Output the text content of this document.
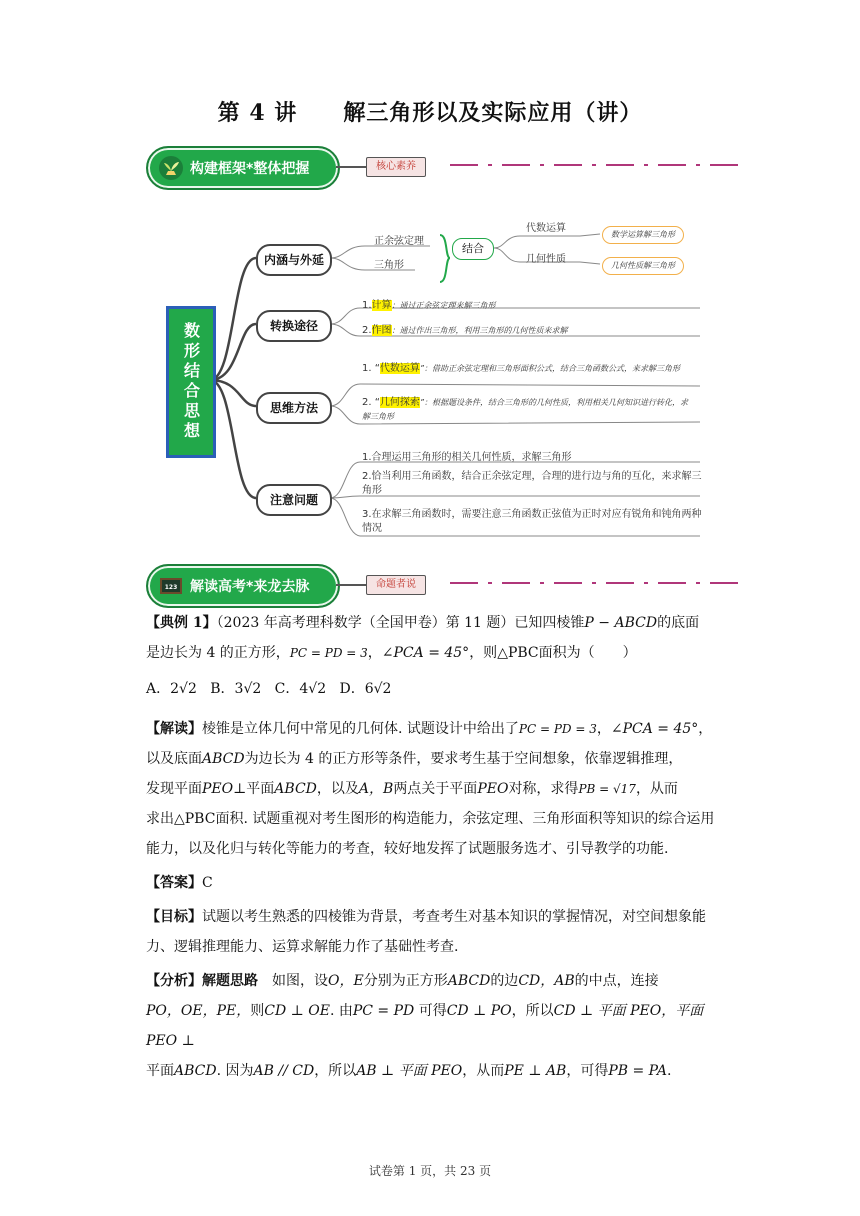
第 4 讲 解三角形以及实际应用（讲）
构建框架*整体把握	核心素养
数形结合思想
内涵与外延
正余弦定理
三角形
结合
代数运算
几何性质
数学运算解三角形
几何性质解三角形
转换途径
1.计算：通过正余弦定理来解三角形
2.作图：通过作出三角形，利用三角形的几何性质来求解
思维方法
1. “代数运算”：借助正余弦定理和三角形面积公式，结合三角函数公式，来求解三角形
2. “几何探索”：根据题设条件，结合三角形的几何性质，利用相关几何知识进行转化，求解三角形
注意问题
1.合理运用三角形的相关几何性质，求解三角形
2.恰当利用三角函数，结合正余弦定理，合理的进行边与角的互化，来求解三角形
3.在求解三角函数时，需要注意三角函数正弦值为正时对应有锐角和钝角两种情况
123 解读高考*来龙去脉	命题者说

【典例 1】（2023 年高考理科数学（全国甲卷）第 11 题）已知四棱锥P − ABCD的底面
是边长为 4 的正方形，PC = PD = 3，∠PCA = 45°，则△PBC面积为（　　）

A．2√2 B．3√2 C．4√2 D．6√2

【解读】棱锥是立体几何中常见的几何体. 试题设计中给出了PC = PD = 3，∠PCA = 45°，
以及底面ABCD为边长为 4 的正方形等条件，要求考生基于空间想象，依靠逻辑推理，
发现平面PEO⊥平面ABCD，以及A，B两点关于平面PEO对称，求得PB = √17，从而
求出△PBC面积. 试题重视对考生图形的构造能力，余弦定理、三角形面积等知识的综合运用能力，以及化归与转化等能力的考查，较好地发挥了试题服务选才、引导教学的功能.

【答案】C

【目标】试题以考生熟悉的四棱锥为背景，考查考生对基本知识的掌握情况，对空间想象能力、逻辑推理能力、运算求解能力作了基础性考查.

【分析】解题思路　如图，设O，E分别为正方形ABCD的边CD，AB的中点，连接
PO，OE，PE，则CD ⊥ OE. 由PC = PD 可得CD ⊥ PO，所以CD ⊥ 平面 PEO，平面 PEO ⊥
平面ABCD. 因为AB // CD，所以AB ⊥ 平面 PEO，从而PE ⊥ AB，可得PB = PA.

试卷第 1 页，共 23 页
